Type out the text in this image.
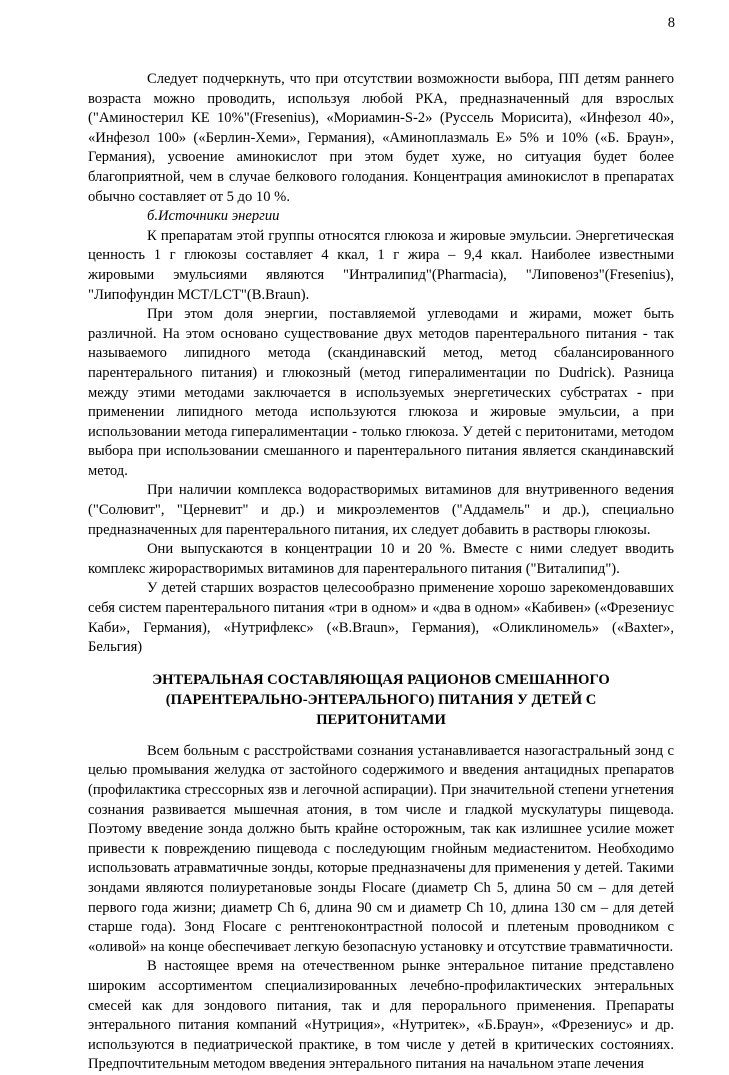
8

Следует подчеркнуть, что при отсутствии возможности выбора, ПП детям раннего возраста можно проводить, используя любой РКА, предназначенный для взрослых ("Аминостерил КЕ 10%"(Fresenius), «Мориамин-S-2» (Руссель Морисита), «Инфезол 40», «Инфезол 100» («Берлин-Хеми», Германия), «Аминоплазмаль Е» 5% и 10% («Б. Браун», Германия), усвоение аминокислот при этом будет хуже, но ситуация будет более благоприятной, чем в случае белкового голодания. Концентрация аминокислот в препаратах обычно составляет от 5 до 10 %.

б.Источники энергии

К препаратам этой группы относятся глюкоза и жировые эмульсии. Энергетическая ценность 1 г глюкозы составляет 4 ккал, 1 г жира – 9,4 ккал. Наиболее известными жировыми эмульсиями являются "Интралипид"(Pharmacia), "Липовеноз"(Fresenius), "Липофундин MCT/LCT"(B.Braun).

При этом доля энергии, поставляемой углеводами и жирами, может быть различной. На этом основано существование двух методов парентерального питания - так называемого липидного метода (скандинавский метод, метод сбалансированного парентерального питания) и глюкозный (метод гипералиментации по Dudrick). Разница между этими методами заключается в используемых энергетических субстратах - при применении липидного метода используются глюкоза и жировые эмульсии, а при использовании метода гипералиментации - только глюкоза. У детей с перитонитами, методом выбора при использовании смешанного и парентерального питания является скандинавский метод.

При наличии комплекса водорастворимых витаминов для внутривенного ведения ("Солювит", "Церневит" и др.) и микроэлементов ("Аддамель" и др.), специально предназначенных для парентерального питания, их следует добавить в растворы глюкозы.

Они выпускаются в концентрации 10 и 20 %. Вместе с ними следует вводить комплекс жирорастворимых витаминов для парентерального питания ("Виталипид").

У детей старших возрастов целесообразно применение хорошо зарекомендовавших себя систем парентерального питания «три в одном» и «два в одном» «Кабивен» («Фрезениус Каби», Германия), «Нутрифлекс» («B.Braun», Германия), «Оликлиномель» («Baxter», Бельгия)

ЭНТЕРАЛЬНАЯ СОСТАВЛЯЮЩАЯ РАЦИОНОВ СМЕШАННОГО (ПАРЕНТЕРАЛЬНО-ЭНТЕРАЛЬНОГО) ПИТАНИЯ У ДЕТЕЙ С ПЕРИТОНИТАМИ

Всем больным с расстройствами сознания устанавливается назогастральный зонд с целью промывания желудка от застойного содержимого и введения антацидных препаратов (профилактика стрессорных язв и легочной аспирации). При значительной степени угнетения сознания развивается мышечная атония, в том числе и гладкой мускулатуры пищевода. Поэтому введение зонда должно быть крайне осторожным, так как излишнее усилие может привести к повреждению пищевода с последующим гнойным медиастенитом. Необходимо использовать атравматичные зонды, которые предназначены для применения у детей. Такими зондами являются полиуретановые зонды Flocare (диаметр Ch 5, длина 50 см – для детей первого года жизни; диаметр Ch 6, длина 90 см и диаметр Ch 10, длина 130 см – для детей старше года). Зонд Flocare с рентгеноконтрастной полосой и плетеным проводником с «оливой» на конце обеспечивает легкую безопасную установку и отсутствие травматичности.

В настоящее время на отечественном рынке энтеральное питание представлено широким ассортиментом специализированных лечебно-профилактических энтеральных смесей как для зондового питания, так и для перорального применения. Препараты энтерального питания компаний «Нутриция», «Нутритек», «Б.Браун», «Фрезениус» и др. используются в педиатрической практике, в том числе у детей в критических состояниях. Предпочтительным методом введения энтерального питания на начальном этапе лечения
